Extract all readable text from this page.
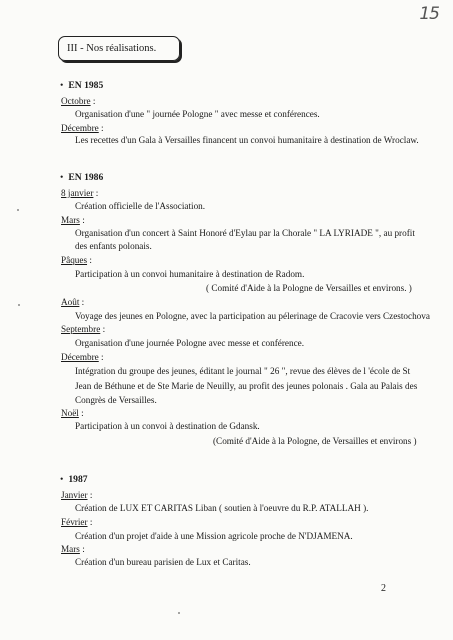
15
III - Nos réalisations.
• EN 1985
Octobre :
Organisation d'une " journée Pologne " avec messe et conférences.
Décembre :
Les recettes d'un Gala à Versailles financent un convoi humanitaire à destination de Wroclaw.
• EN 1986
8 janvier :
Création officielle de l'Association.
Mars :
Organisation d'un concert à Saint Honoré d'Eylau par la Chorale " LA LYRIADE ", au profit
des enfants polonais.
Pâques :
Participation à un convoi humanitaire à destination de Radom.
( Comité d'Aide à la Pologne de Versailles et environs. )
Août :
Voyage des jeunes en Pologne, avec la participation au pélerinage de Cracovie vers Czestochova
Septembre :
Organisation d'une journée Pologne avec messe et conférence.
Décembre :
Intégration du groupe des jeunes, éditant le journal " 26 ", revue des élèves de l 'école de St
Jean de Béthune et de Ste Marie de Neuilly, au profit des jeunes polonais . Gala au Palais des
Congrès de Versailles.
Noël :
Participation à un convoi à destination de Gdansk.
(Comité d'Aide à la Pologne, de Versailles et environs )
• 1987
Janvier :
Création de LUX ET CARITAS Liban ( soutien à l'oeuvre du R.P. ATALLAH ).
Février :
Création d'un projet d'aide à une Mission agricole proche de N'DJAMENA.
Mars :
Création d'un bureau parisien de Lux et Caritas.
2
